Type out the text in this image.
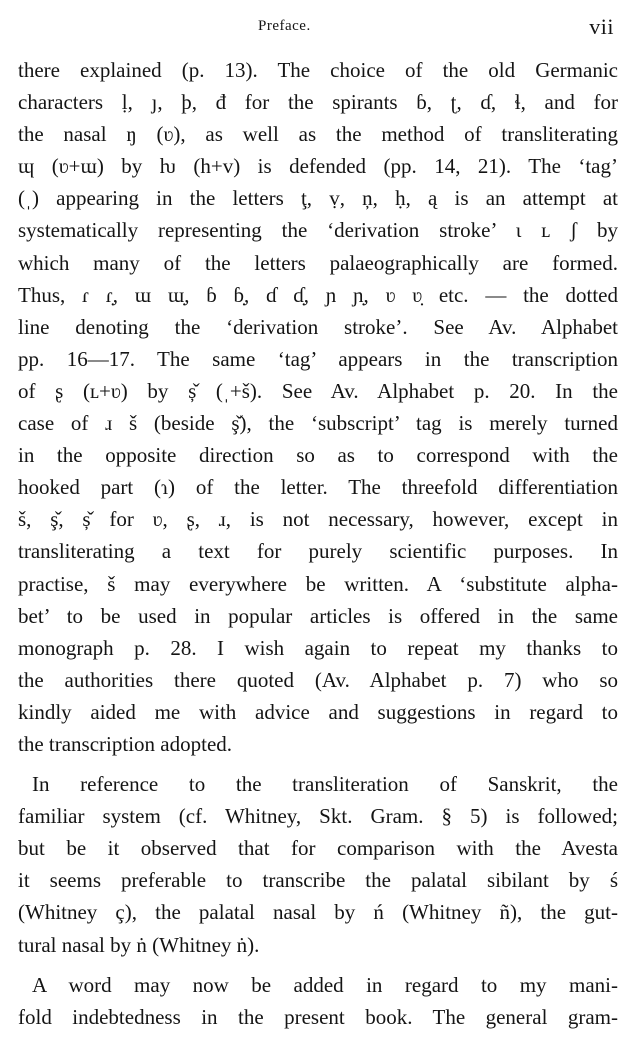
Preface.	vii
there explained (p. 13). The choice of the old Germanic
characters ḷ, ȷ, þ, đ for the spirants ɓ, ʈ, ɗ, ɬ, and for
the nasal ŋ (ʋ), as well as the method of transliterating
ɰ (ʋ+ɯ) by ƕ (h+v) is defended (pp. 14, 21). The ‘tag’
(ˌ) appearing in the letters ţ, ṿ, ņ, ḥ, ą is an attempt at
systematically representing the ‘derivation stroke’ ι ʟ ʃ by
which many of the letters palaeographically are formed.
Thus, ɾ ɾ̣, ɯ ɯ̣, ɓ ɓ̣, ɗ ɗ̣, ɲ ɲ̣, ʋ ʋ̣ etc. — the dotted
line denoting the ‘derivation stroke’. See Av. Alphabet
pp. 16—17. The same ‘tag’ appears in the transcription
of ʂ (ʟ+ʋ) by ș̌ (ˌ+š). See Av. Alphabet p. 20. In the
case of ɹ š (beside ş̌), the ‘subscript’ tag is merely turned
in the opposite direction so as to correspond with the
hooked part (ɿ) of the letter. The threefold differentiation
š, ş̌, ș̌ for ʋ, ʂ, ɹ, is not necessary, however, except in
transliterating a text for purely scientific purposes. In
practise, š may everywhere be written. A ‘substitute alpha-
bet’ to be used in popular articles is offered in the same
monograph p. 28. I wish again to repeat my thanks to
the authorities there quoted (Av. Alphabet p. 7) who so
kindly aided me with advice and suggestions in regard to
the transcription adopted.
In reference to the transliteration of Sanskrit, the
familiar system (cf. Whitney, Skt. Gram. § 5) is followed;
but be it observed that for comparison with the Avesta
it seems preferable to transcribe the palatal sibilant by ś
(Whitney ç), the palatal nasal by ń (Whitney ñ), the gut-
tural nasal by ṅ (Whitney ṅ).
A word may now be added in regard to my mani-
fold indebtedness in the present book. The general gram-
